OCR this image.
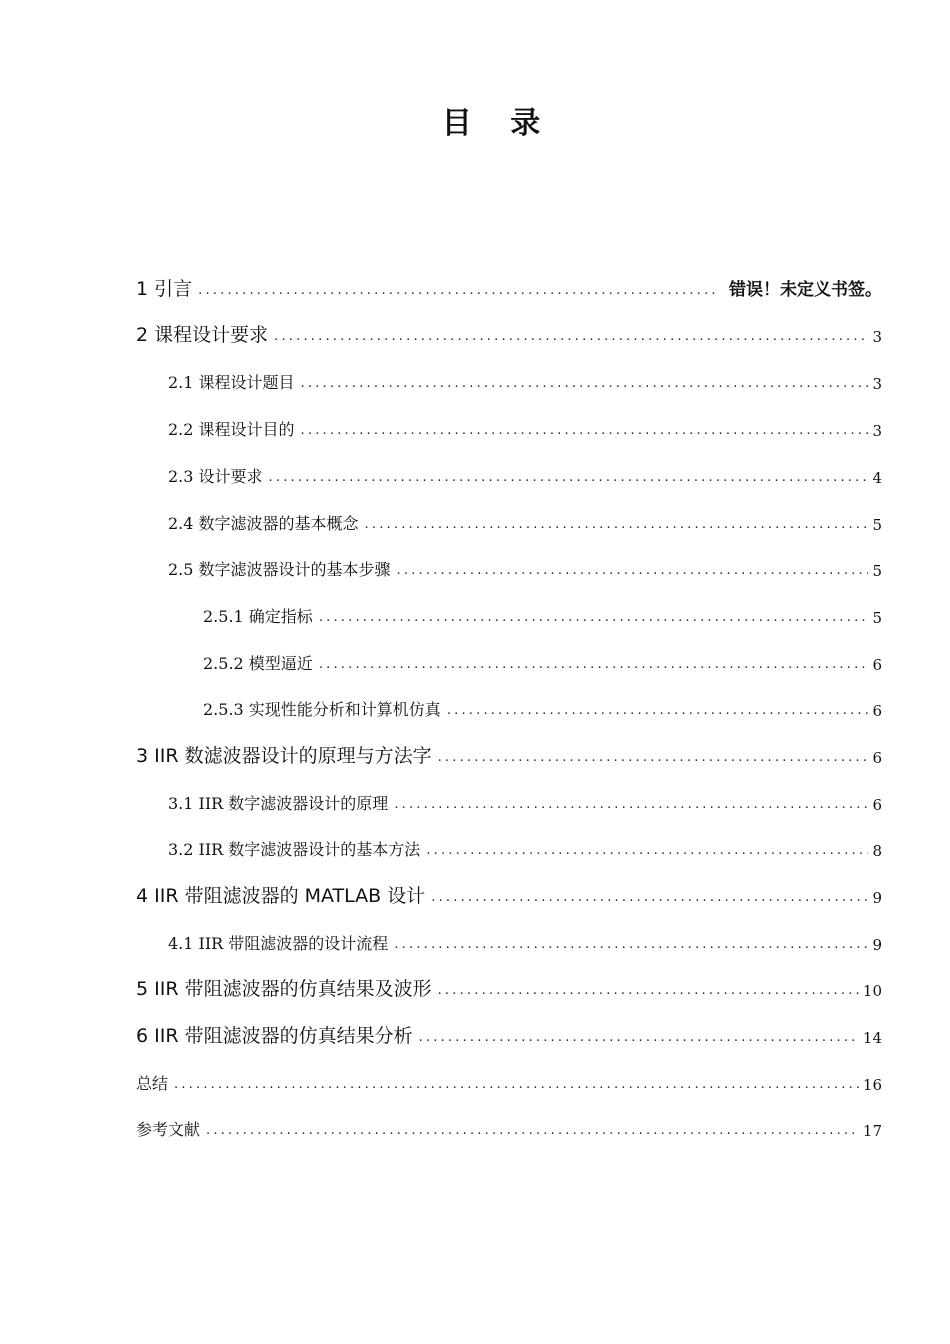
目 录
1 引言 .....	错误！未定义书签。
2 课程设计要求 .....	3
2.1 课程设计题目 .....	3
2.2 课程设计目的 .....	3
2.3 设计要求 .....	4
2.4 数字滤波器的基本概念 .....	5
2.5 数字滤波器设计的基本步骤 .....	5
2.5.1 确定指标 .....	5
2.5.2 模型逼近 .....	6
2.5.3 实现性能分析和计算机仿真 .....	6
3 IIR 数滤波器设计的原理与方法字 .....	6
3.1 IIR 数字滤波器设计的原理 .....	6
3.2 IIR 数字滤波器设计的基本方法 .....	8
4 IIR 带阻滤波器的 MATLAB 设计 .....	9
4.1 IIR 带阻滤波器的设计流程 .....	9
5 IIR 带阻滤波器的仿真结果及波形 .....	10
6 IIR 带阻滤波器的仿真结果分析 .....	14
总结 .....	16
参考文献 .....	17
